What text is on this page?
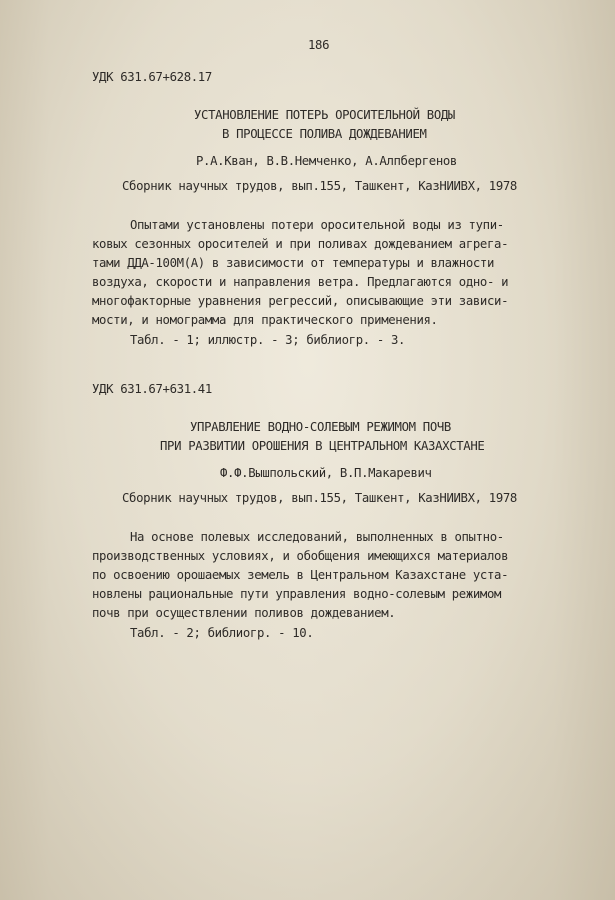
186
УДК 631.67+628.17
УСТАНОВЛЕНИЕ ПОТЕРЬ ОРОСИТЕЛЬНОЙ ВОДЫ
В ПРОЦЕССЕ ПОЛИВА ДОЖДЕВАНИЕМ
Р.А.Кван, В.В.Немченко, А.Алпбергенов
Сборник научных трудов, вып.155, Ташкент, КазНИИВХ, 1978
Опытами установлены потери оросительной воды из тупи-
ковых сезонных оросителей и при поливах дождеванием агрега-
тами ДДА-100М(А) в зависимости от температуры и влажности
воздуха, скорости и направления ветра. Предлагаются одно- и
многофакторные уравнения регрессий, описывающие эти зависи-
мости, и номограмма для практического применения.
Табл. - 1; иллюстр. - 3; библиогр. - 3.
УДК 631.67+631.41
УПРАВЛЕНИЕ ВОДНО-СОЛЕВЫМ РЕЖИМОМ ПОЧВ
ПРИ РАЗВИТИИ ОРОШЕНИЯ В ЦЕНТРАЛЬНОМ КАЗАХСТАНЕ
Ф.Ф.Вышпольский, В.П.Макаревич
Сборник научных трудов, вып.155, Ташкент, КазНИИВХ, 1978
На основе полевых исследований, выполненных в опытно-
производственных условиях, и обобщения имеющихся материалов
по освоению орошаемых земель в Центральном Казахстане уста-
новлены рациональные пути управления водно-солевым режимом
почв при осуществлении поливов дождеванием.
Табл. - 2; библиогр. - 10.
